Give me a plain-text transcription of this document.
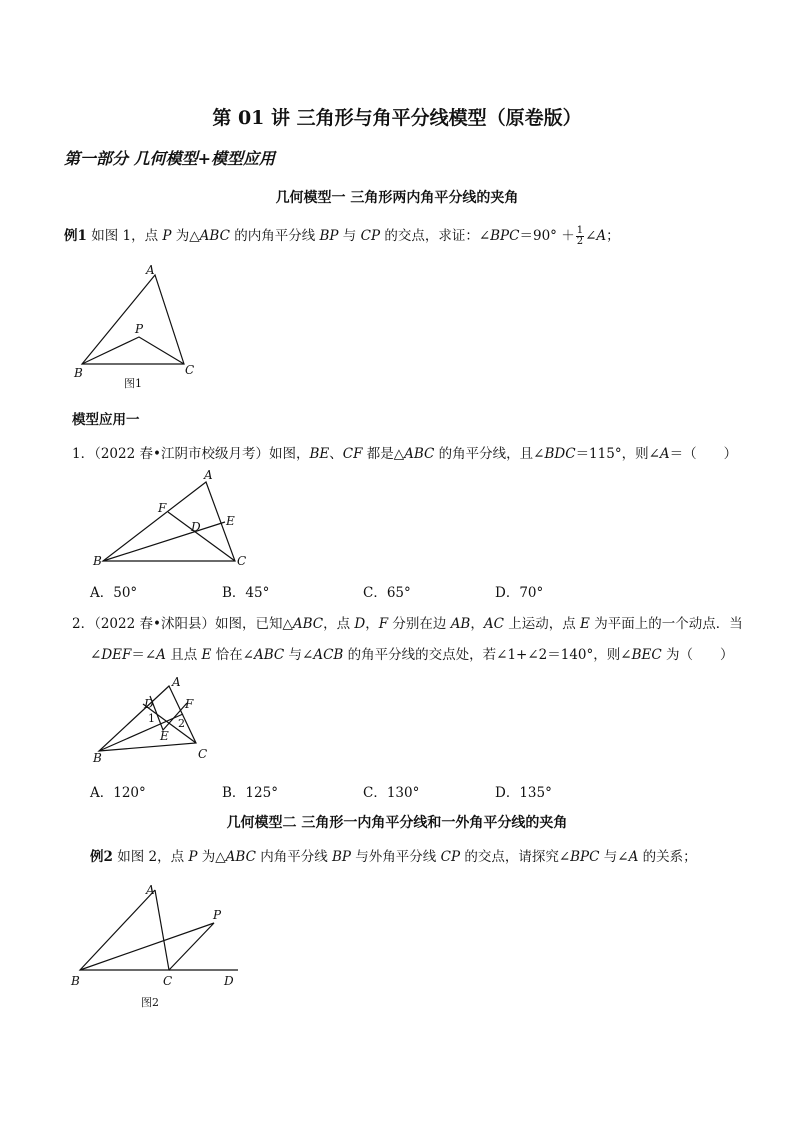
第 01 讲 三角形与角平分线模型（原卷版）
第一部分 几何模型+模型应用
几何模型一 三角形两内角平分线的夹角
例1 如图 1，点 P 为△ABC 的内角平分线 BP 与 CP 的交点，求证：∠BPC＝90° ＋ $\frac{1}{2}$ ∠A；
A
P
B	C
图1
模型应用一
1．（2022 春•江阴市校级月考）如图，BE、CF 都是△ABC 的角平分线，且∠BDC＝115°，则∠A＝（　　）
A
F
D E
B	C
A．50°	B．45°	C．65°	D．70°
2．（2022 春•沭阳县）如图，已知△ABC，点 D，F 分别在边 AB，AC 上运动，点 E 为平面上的一个动点．当
∠DEF＝∠A 且点 E 恰在∠ABC 与∠ACB 的角平分线的交点处，若∠1+∠2＝140°，则∠BEC 为（　　）
A
D	F
1 2
E
B	C
A．120°	B．125°	C．130°	D．135°
几何模型二 三角形一内角平分线和一外角平分线的夹角
例2 如图 2，点 P 为△ABC 内角平分线 BP 与外角平分线 CP 的交点，请探究∠BPC 与∠A 的关系；
A
P
B	C	D
图2
